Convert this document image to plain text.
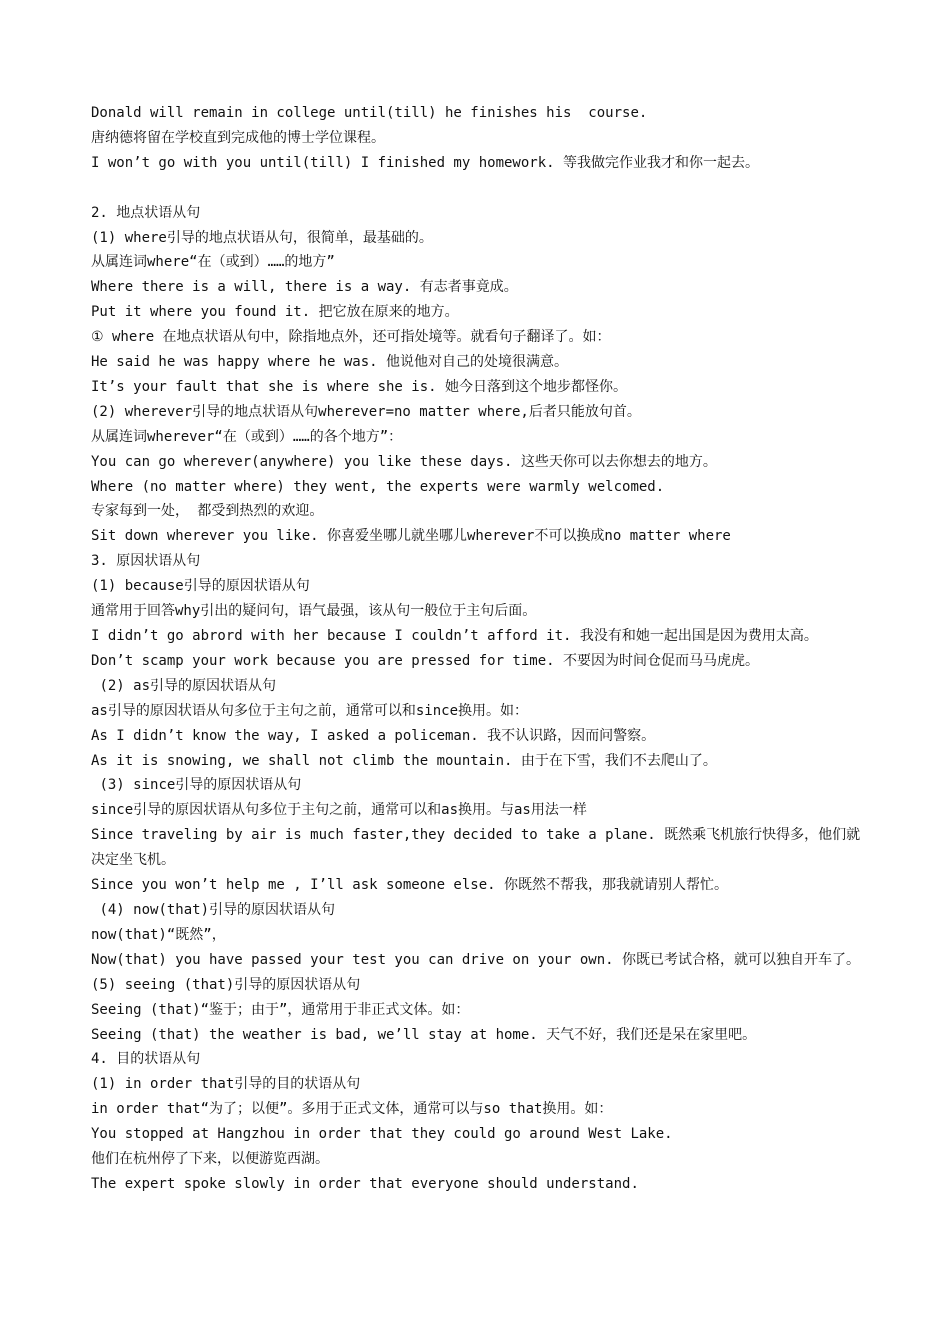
Donald will remain in college until(till) he finishes his  course.

唐纳德将留在学校直到完成他的博士学位课程。

I won’t go with you until(till) I finished my homework. 等我做完作业我才和你一起去。

2. 地点状语从句

(1) where引导的地点状语从句，很简单，最基础的。

从属连词where“在（或到）……的地方”

Where there is a will, there is a way. 有志者事竟成。

Put it where you found it. 把它放在原来的地方。

① where 在地点状语从句中，除指地点外，还可指处境等。就看句子翻译了。如：

He said he was happy where he was. 他说他对自己的处境很满意。

It’s your fault that she is where she is. 她今日落到这个地步都怪你。

(2) wherever引导的地点状语从句wherever=no matter where,后者只能放句首。

从属连词wherever“在（或到）……的各个地方”：

You can go wherever(anywhere) you like these days. 这些天你可以去你想去的地方。

Where (no matter where) they went, the experts were warmly welcomed.

专家每到一处， 都受到热烈的欢迎。

Sit down wherever you like. 你喜爱坐哪儿就坐哪儿wherever不可以换成no matter where

3. 原因状语从句

(1) because引导的原因状语从句

通常用于回答why引出的疑问句，语气最强，该从句一般位于主句后面。

I didn’t go abrord with her because I couldn’t afford it. 我没有和她一起出国是因为费用太高。

Don’t scamp your work because you are pressed for time. 不要因为时间仓促而马马虎虎。

(2) as引导的原因状语从句

as引导的原因状语从句多位于主句之前，通常可以和since换用。如：

As I didn’t know the way, I asked a policeman. 我不认识路，因而问警察。

As it is snowing, we shall not climb the mountain. 由于在下雪，我们不去爬山了。

(3) since引导的原因状语从句

since引导的原因状语从句多位于主句之前，通常可以和as换用。与as用法一样

Since traveling by air is much faster,they decided to take a plane. 既然乘飞机旅行快得多，他们就决定坐飞机。

Since you won’t help me , I’ll ask someone else. 你既然不帮我，那我就请别人帮忙。

(4) now(that)引导的原因状语从句

now(that)“既然”，

Now(that) you have passed your test you can drive on your own. 你既已考试合格，就可以独自开车了。

(5) seeing (that)引导的原因状语从句

Seeing (that)“鉴于；由于”，通常用于非正式文体。如：

Seeing (that) the weather is bad, we’ll stay at home. 天气不好，我们还是呆在家里吧。

4. 目的状语从句

(1) in order that引导的目的状语从句

in order that“为了；以便”。多用于正式文体，通常可以与so that换用。如：

You stopped at Hangzhou in order that they could go around West Lake.

他们在杭州停了下来，以便游览西湖。

The expert spoke slowly in order that everyone should understand.
